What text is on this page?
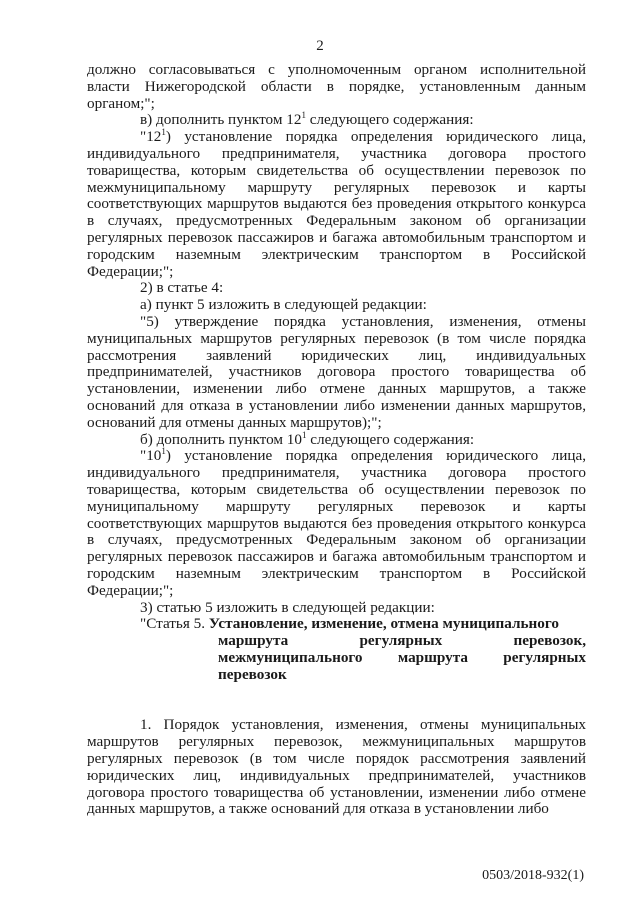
2

должно согласовываться с уполномоченным органом исполнительной власти Нижегородской области в порядке, установленным данным органом;";

в) дополнить пунктом $12^1$ следующего содержания:

"$12^1$) установление порядка определения юридического лица, индивидуального предпринимателя, участника договора простого товарищества, которым свидетельства об осуществлении перевозок по межмуниципальному маршруту регулярных перевозок и карты соответствующих маршрутов выдаются без проведения открытого конкурса в случаях, предусмотренных Федеральным законом об организации регулярных перевозок пассажиров и багажа автомобильным транспортом и городским наземным электрическим транспортом в Российской Федерации;";

2) в статье 4:

а) пункт 5 изложить в следующей редакции:

"5) утверждение порядка установления, изменения, отмены муниципальных маршрутов регулярных перевозок (в том числе порядка рассмотрения заявлений юридических лиц, индивидуальных предпринимателей, участников договора простого товарищества об установлении, изменении либо отмене данных маршрутов, а также оснований для отказа в установлении либо изменении данных маршрутов, оснований для отмены данных маршрутов);";

б) дополнить пунктом $10^1$ следующего содержания:

"$10^1$) установление порядка определения юридического лица, индивидуального предпринимателя, участника договора простого товарищества, которым свидетельства об осуществлении перевозок по муниципальному маршруту регулярных перевозок и карты соответствующих маршрутов выдаются без проведения открытого конкурса в случаях, предусмотренных Федеральным законом об организации регулярных перевозок пассажиров и багажа автомобильным транспортом и городским наземным электрическим транспортом в Российской Федерации;";

3) статью 5 изложить в следующей редакции:

"Статья 5. Установление, изменение, отмена муниципального

маршрута регулярных перевозок, межмуниципального маршрута регулярных перевозок

1. Порядок установления, изменения, отмены муниципальных маршрутов регулярных перевозок, межмуниципальных маршрутов регулярных перевозок (в том числе порядок рассмотрения заявлений юридических лиц, индивидуальных предпринимателей, участников договора простого товарищества об установлении, изменении либо отмене данных маршрутов, а также оснований для отказа в установлении либо

0503/2018-932(1)
